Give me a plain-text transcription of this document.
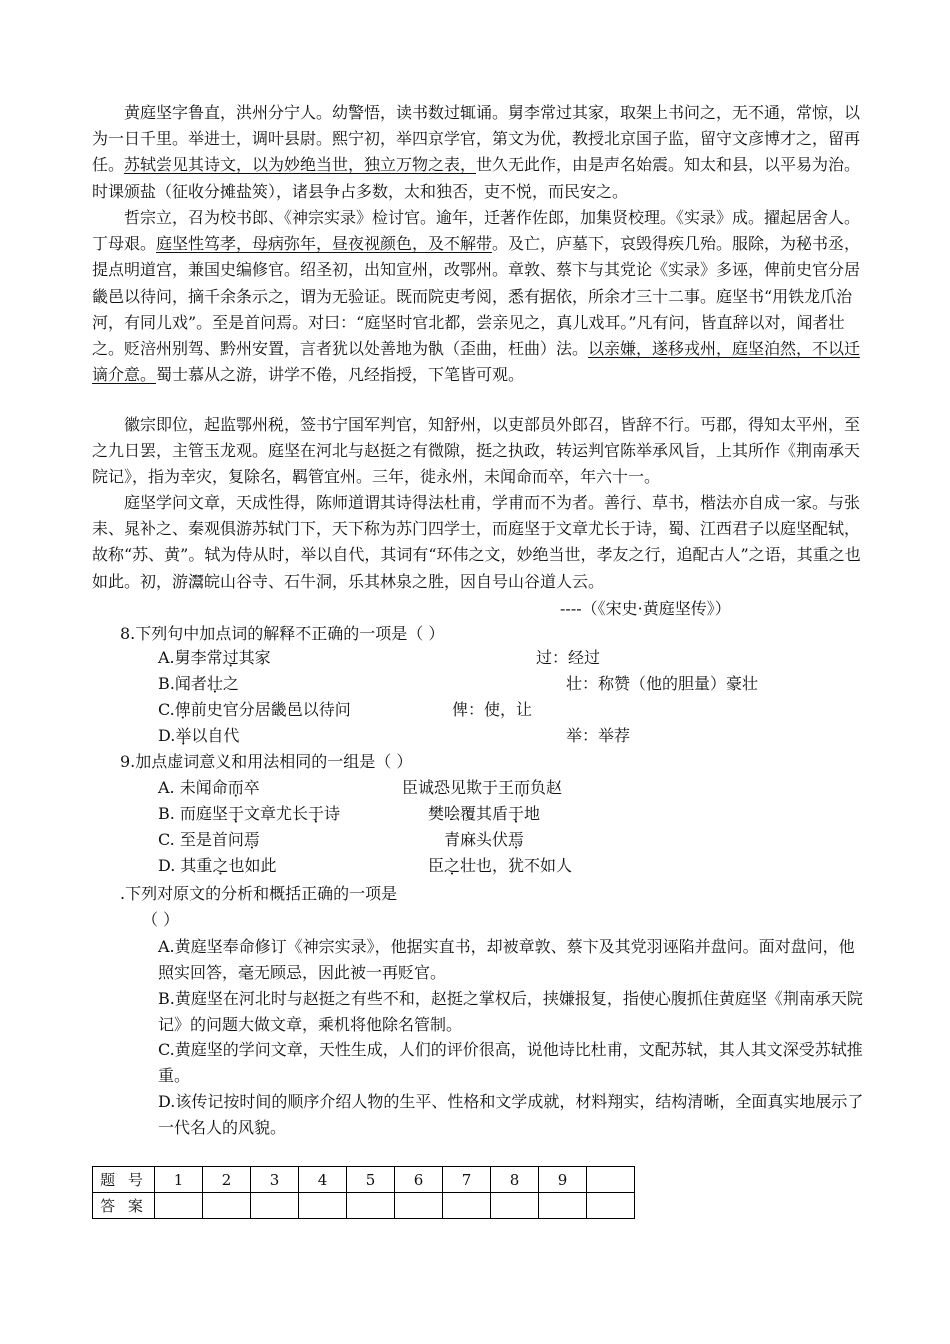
黄庭坚字鲁直，洪州分宁人。幼警悟，读书数过辄诵。舅李常过其家，取架上书问之，无不通，常惊，以为一日千里。举进士，调叶县尉。熙宁初，举四京学官，第文为优，教授北京国子监，留守文彦博才之，留再任。苏轼尝见其诗文，以为妙绝当世，独立万物之表，世久无此作，由是声名始震。知太和县，以平易为治。时课颁盐（征收分摊盐筴），诸县争占多数，太和独否，吏不悦，而民安之。

哲宗立，召为校书郎、《神宗实录》检讨官。逾年，迁著作佐郎，加集贤校理。《实录》成。擢起居舍人。丁母艰。庭坚性笃孝，母病弥年，昼夜视颜色，及不解带。及亡，庐墓下，哀毁得疾几殆。服除，为秘书丞，提点明道宫，兼国史编修官。绍圣初，出知宣州，改鄂州。章敦、蔡卞与其党论《实录》多诬，俾前史官分居畿邑以待问，摘千余条示之，谓为无验证。既而院吏考阅，悉有据依，所余才三十二事。庭坚书“用铁龙爪治河，有同儿戏”。至是首问焉。对曰：“庭坚时官北都，尝亲见之，真儿戏耳。”凡有问，皆直辞以对，闻者壮之。贬涪州别驾、黔州安置，言者犹以处善地为骫（歪曲，枉曲）法。以亲嫌，遂移戎州，庭坚泊然，不以迁谪介意。蜀士慕从之游，讲学不倦，凡经指授，下笔皆可观。

徽宗即位，起监鄂州税，签书宁国军判官，知舒州，以吏部员外郎召，皆辞不行。丐郡，得知太平州，至之九日罢，主管玉龙观。庭坚在河北与赵挺之有微隙，挺之执政，转运判官陈举承风旨，上其所作《荆南承天院记》，指为幸灾，复除名，羁管宜州。三年，徙永州，未闻命而卒，年六十一。

庭坚学问文章，天成性得，陈师道谓其诗得法杜甫，学甫而不为者。善行、草书，楷法亦自成一家。与张耒、晁补之、秦观俱游苏轼门下，天下称为苏门四学士，而庭坚于文章尤长于诗，蜀、江西君子以庭坚配轼，故称“苏、黄”。轼为侍从时，举以自代，其词有“环伟之文，妙绝当世，孝友之行，追配古人”之语，其重之也如此。初，游灊皖山谷寺、石牛洞，乐其林泉之胜，因自号山谷道人云。

----（《宋史·黄庭坚传》）
8.下列句中加点词的解释不正确的一项是（ ）
A.舅李常过其家	过：经过
B.闻者壮之	壮：称赞（他的胆量）豪壮
C.俾前史官分居畿邑以待问	俾：使，让
D.举以自代	举：举荐
9.加点虚词意义和用法相同的一组是（ ）
A. 未闻命而卒	臣诚恐见欺于王而负赵
B. 而庭坚于文章尤长于诗	樊哙覆其盾于地
C. 至是首问焉	青麻头伏焉
D. 其重之也如此	臣之壮也，犹不如人
.下列对原文的分析和概括正确的一项是
（ ）

A.黄庭坚奉命修订《神宗实录》，他据实直书，却被章敦、蔡卞及其党羽诬陷并盘问。面对盘问，他照实回答，毫无顾忌，因此被一再贬官。

B.黄庭坚在河北时与赵挺之有些不和，赵挺之掌权后，挟嫌报复，指使心腹抓住黄庭坚《荆南承天院记》的问题大做文章，乘机将他除名管制。

C.黄庭坚的学问文章，天性生成，人们的评价很高，说他诗比杜甫，文配苏轼，其人其文深受苏轼推重。

D.该传记按时间的顺序介绍人物的生平、性格和文学成就，材料翔实，结构清晰，全面真实地展示了一代名人的风貌。

题 号	1	2	3	4	5	6	7	8	9	
答 案										
